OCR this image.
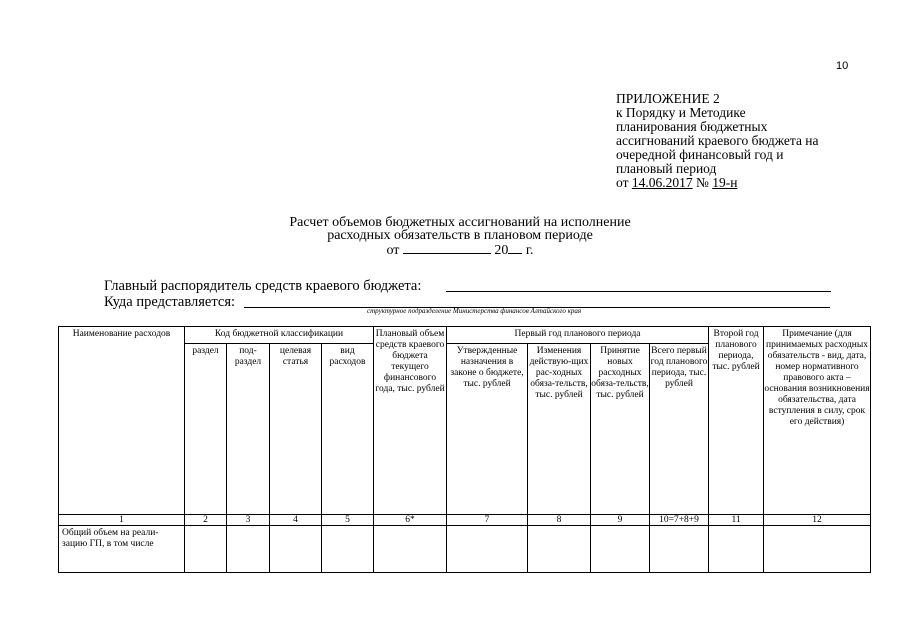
10
ПРИЛОЖЕНИЕ 2
к Порядку и Методике
планирования бюджетных
ассигнований краевого бюджета на
очередной финансовый год и
плановый период
от 14.06.2017 № 19-н
Расчет объемов бюджетных ассигнований на исполнение
расходных обязательств в плановом периоде
от	20 г.
Главный распорядитель средств краевого бюджета:
Куда представляется:
структурное подразделение Министерства финансов Алтайского края
Наименование расходов	Код бюджетной классификации				Плановый объем средств краевого бюджета текущего финансового года, тыс. рублей	Первый год планового периода				Второй год планового периода, тыс. рублей	Примечание (для принимаемых расходных обязательств - вид, дата, номер нормативного правового акта – основания возникновения обязательства, дата вступления в силу, срок его действия)
	раздел	под-раздел	целевая статья	вид расходов		Утвержденные назначения в законе о бюджете, тыс. рублей	Изменения действую-щих рас-ходных обяза-тельств, тыс. рублей	Принятие новых расходных обяза-тельств, тыс. рублей	Всего первый год планового периода, тыс. рублей		
1	2	3	4	5	6*	7	8	9	10=7+8+9	11	12
Общий объем на реали-зацию ГП, в том числе											
